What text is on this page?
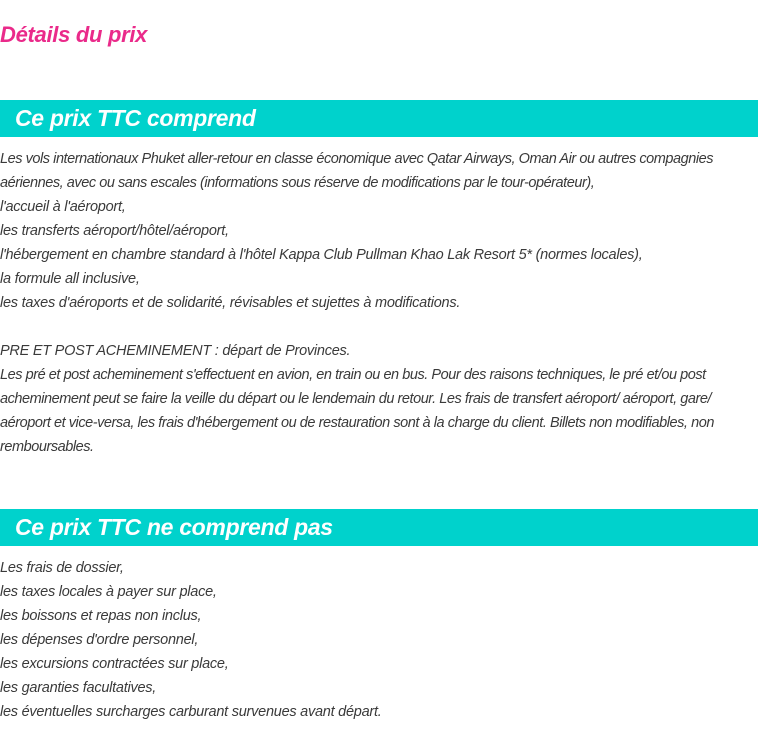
Détails du prix
Ce prix TTC comprend

Les vols internationaux Phuket aller-retour en classe économique avec Qatar Airways, Oman Air ou autres compagnies aériennes, avec ou sans escales (informations sous réserve de modifications par le tour-opérateur),

l'accueil à l'aéroport,

les transferts aéroport/hôtel/aéroport,

l'hébergement en chambre standard à l'hôtel Kappa Club Pullman Khao Lak Resort 5* (normes locales),

la formule all inclusive,

les taxes d'aéroports et de solidarité, révisables et sujettes à modifications.

PRE ET POST ACHEMINEMENT : départ de Provinces.

Les pré et post acheminement s'effectuent en avion, en train ou en bus. Pour des raisons techniques, le pré et/ou post acheminement peut se faire la veille du départ ou le lendemain du retour. Les frais de transfert aéroport/ aéroport, gare/ aéroport et vice-versa, les frais d'hébergement ou de restauration sont à la charge du client. Billets non modifiables, non remboursables.

Ce prix TTC ne comprend pas

Les frais de dossier,

les taxes locales à payer sur place,

les boissons et repas non inclus,

les dépenses d'ordre personnel,

les excursions contractées sur place,

les garanties facultatives,

les éventuelles surcharges carburant survenues avant départ.
